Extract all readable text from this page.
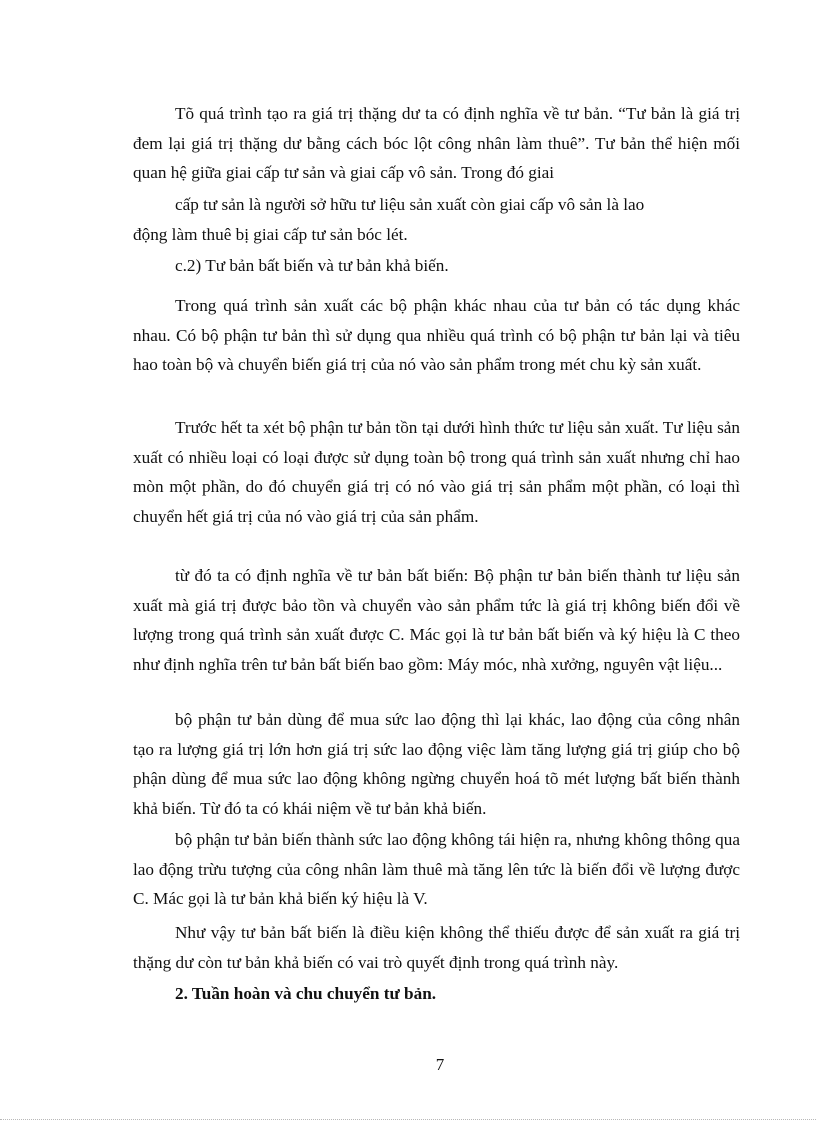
Tõ quá trình tạo ra giá trị thặng dư ta có định nghĩa về tư bản. “Tư bản là giá trị đem lại giá trị thặng dư bằng cách bóc lột công nhân làm thuê”. Tư bản thể hiện mối quan hệ giữa giai cấp tư sản và giai cấp vô sản. Trong đó giai

cấp tư sản là người sở hữu tư liệu sản xuất còn giai cấp vô sản là lao

động làm thuê bị giai cấp tư sản bóc lét.

c.2) Tư bản bất biến và tư bản khả biến.

Trong quá trình sản xuất các bộ phận khác nhau của tư bản có tác dụng khác nhau. Có bộ phận tư bản thì sử dụng qua nhiều quá trình có bộ phận tư bản lại và tiêu hao toàn bộ và chuyển biến giá trị của nó vào sản phẩm trong mét chu kỳ sản xuất.

Trước hết ta xét bộ phận tư bản tồn tại dưới hình thức tư liệu sản xuất. Tư liệu sản xuất có nhiều loại có loại được sử dụng toàn bộ trong quá trình sản xuất nhưng chỉ hao mòn một phần, do đó chuyển giá trị có nó vào giá trị sản phẩm một phần, có loại thì chuyển hết giá trị của nó vào giá trị của sản phẩm.

từ đó ta có định nghĩa về tư bản bất biến: Bộ phận tư bản biến thành tư liệu sản xuất mà giá trị được bảo tồn và chuyển vào sản phẩm tức là giá trị không biến đổi về lượng trong quá trình sản xuất được C. Mác gọi là tư bản bất biến và ký hiệu là C theo như định nghĩa trên tư bản bất biến bao gồm: Máy móc, nhà xưởng, nguyên vật liệu...

bộ phận tư bản dùng để mua sức lao động thì lại khác, lao động của công nhân tạo ra lượng giá trị lớn hơn giá trị sức lao động việc làm tăng lượng giá trị giúp cho bộ phận dùng để mua sức lao động không ngừng chuyển hoá tõ mét lượng bất biến thành khả biến. Từ đó ta có khái niệm về tư bản khả biến.

bộ phận tư bản biến thành sức lao động không tái hiện ra, nhưng không thông qua lao động trừu tượng của công nhân làm thuê mà tăng lên tức là biến đổi về lượng được C. Mác gọi là tư bản khả biến ký hiệu là V.

Như vậy tư bản bất biến là điều kiện không thể thiếu được để sản xuất ra giá trị thặng dư còn tư bản khả biến có vai trò quyết định trong quá trình này.

2. Tuần hoàn và chu chuyển tư bản.

7
